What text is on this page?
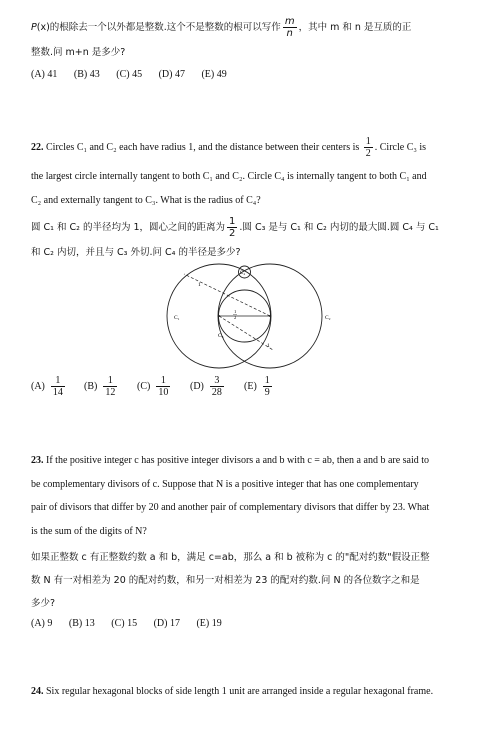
P(x)的根除去一个以外都是整数.这个不是整数的根可以写作 $\frac{m}{n}$ ，其中 m 和 n 是互质的正
整数.问 m+n 是多少?
(A) 41 (B) 43 (C) 45 (D) 47 (E) 49
22. Circles C₁ and C₂ each have radius 1, and the distance between their centers is $\frac{1}{2}$ . Circle C₃ is
the largest circle internally tangent to both C₁ and C₂. Circle C₄ is internally tangent to both C₁ and
C₂ and externally tangent to C₃. What is the radius of C₄?
圆 C₁ 和 C₂ 的半径均为 1，圆心之间的距离为 $\frac{1}{2}$ .圆 C₃ 是与 C₁ 和 C₂ 内切的最大圆.圆 C₄ 与 C₁
和 C₂ 内切，并且与 C₃ 外切.问 C₄ 的半径是多少?
C₁	C₂
C₃
C₄
1
1
1
2
$(A) \frac{1}{14} (B) \frac{1}{12} (C) \frac{1}{10} (D) \frac{3}{28} (E) \frac{1}{9}$
23. If the positive integer c has positive integer divisors a and b with c = ab, then a and b are said to
be complementary divisors of c. Suppose that N is a positive integer that has one complementary
pair of divisors that differ by 20 and another pair of complementary divisors that differ by 23. What
is the sum of the digits of N?
如果正整数 c 有正整数约数 a 和 b，满足 c=ab，那么 a 和 b 被称为 c 的"配对约数"假设正整
数 N 有一对相差为 20 的配对约数，和另一对相差为 23 的配对约数.问 N 的各位数字之和是
多少?
(A) 9 (B) 13 (C) 15 (D) 17 (E) 19
24. Six regular hexagonal blocks of side length 1 unit are arranged inside a regular hexagonal frame.
